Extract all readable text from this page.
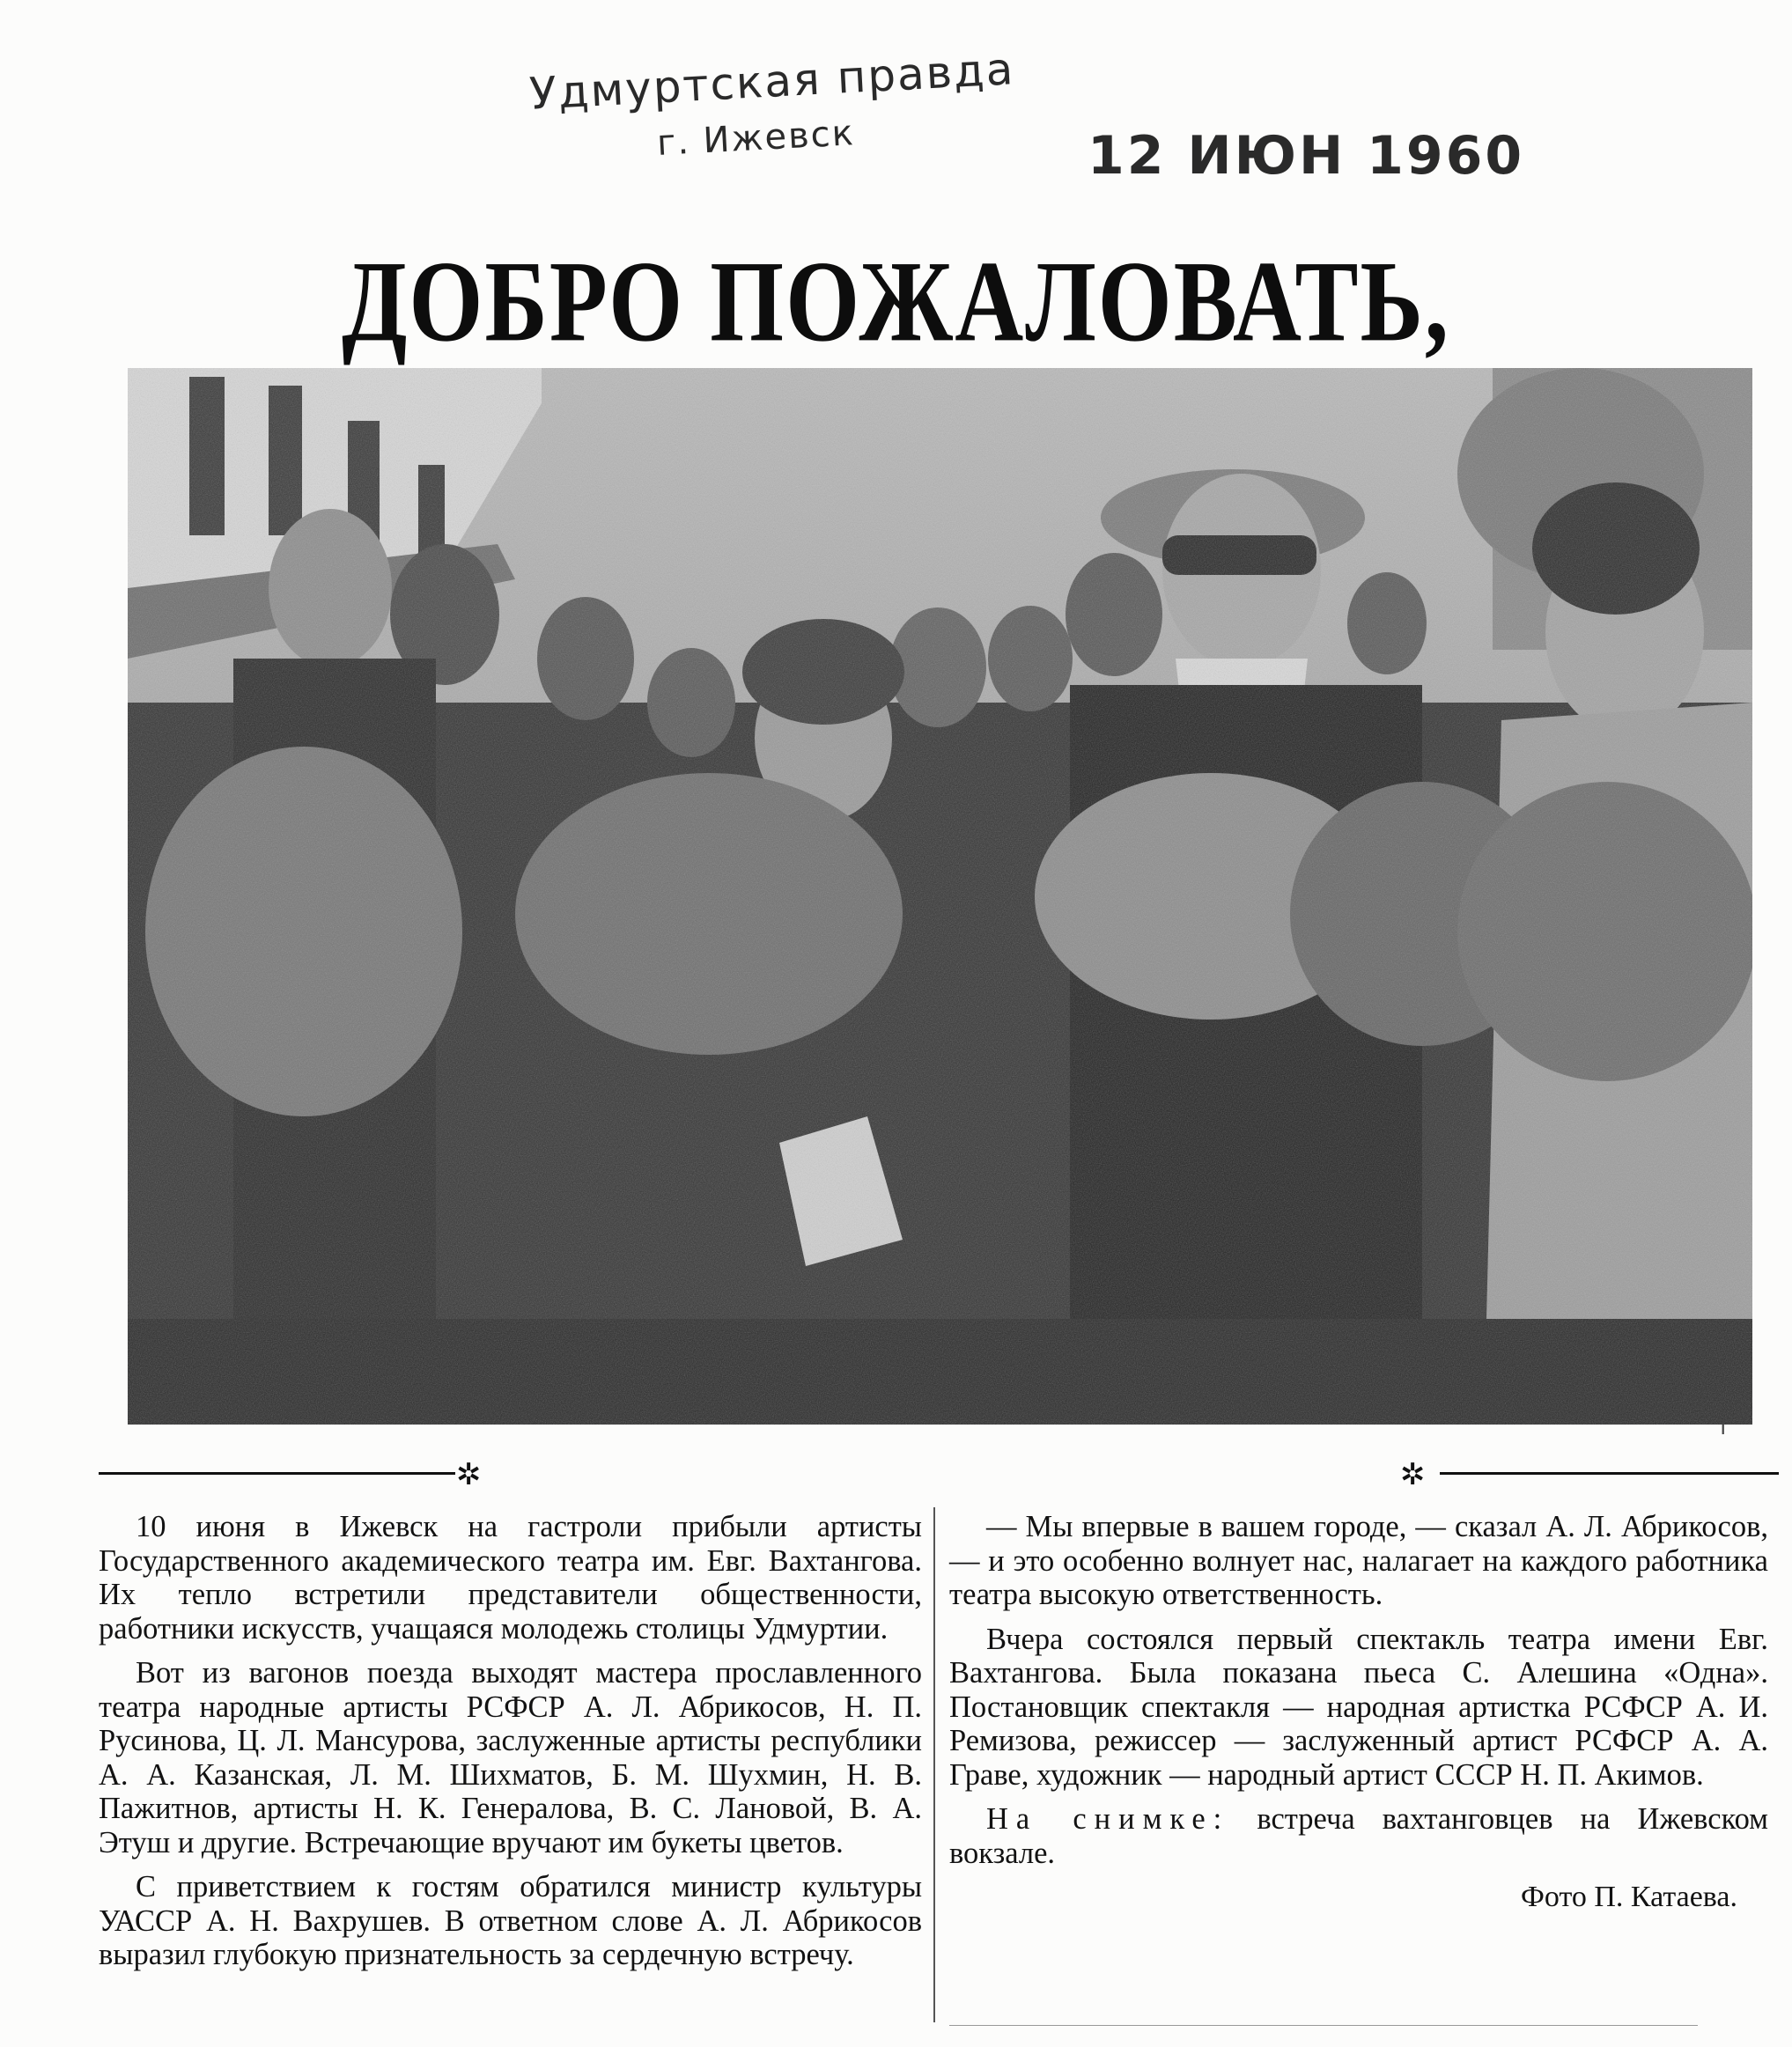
Удмуртская правда
г. Ижевск	12 ИЮН 1960
ДОБРО ПОЖАЛОВАТЬ,
Т
✲	✲

10 июня в Ижевск на гастроли прибыли артисты Государственного академического театра им. Евг. Вахтангова. Их тепло встретили представители общественности, работники искусств, учащаяся молодежь столицы Удмуртии.

Вот из вагонов поезда выходят мастера прославленного театра народные артисты РСФСР А. Л. Абрикосов, Н. П. Русинова, Ц. Л. Мансурова, заслуженные артисты республики А. А. Казанская, Л. М. Шихматов, Б. М. Шухмин, Н. В. Пажитнов, артисты Н. К. Генералова, В. С. Лановой, В. А. Этуш и другие. Встречающие вручают им букеты цветов.

С приветствием к гостям обратился министр культуры УАССР А. Н. Вахрушев. В ответном слове А. Л. Абрикосов выразил глубокую признательность за сердечную встречу.

— Мы впервые в вашем городе, — сказал А. Л. Абрикосов, — и это особенно волнует нас, налагает на каждого работника театра высокую ответственность.

Вчера состоялся первый спектакль театра имени Евг. Вахтангова. Была показана пьеса С. Алешина «Одна». Постановщик спектакля — народная артистка РСФСР А. И. Ремизова, режиссер — заслуженный артист РСФСР А. А. Граве, художник — народный артист СССР Н. П. Акимов.

На снимке: встреча вахтанговцев на Ижевском вокзале.

Фото П. Катаева.
